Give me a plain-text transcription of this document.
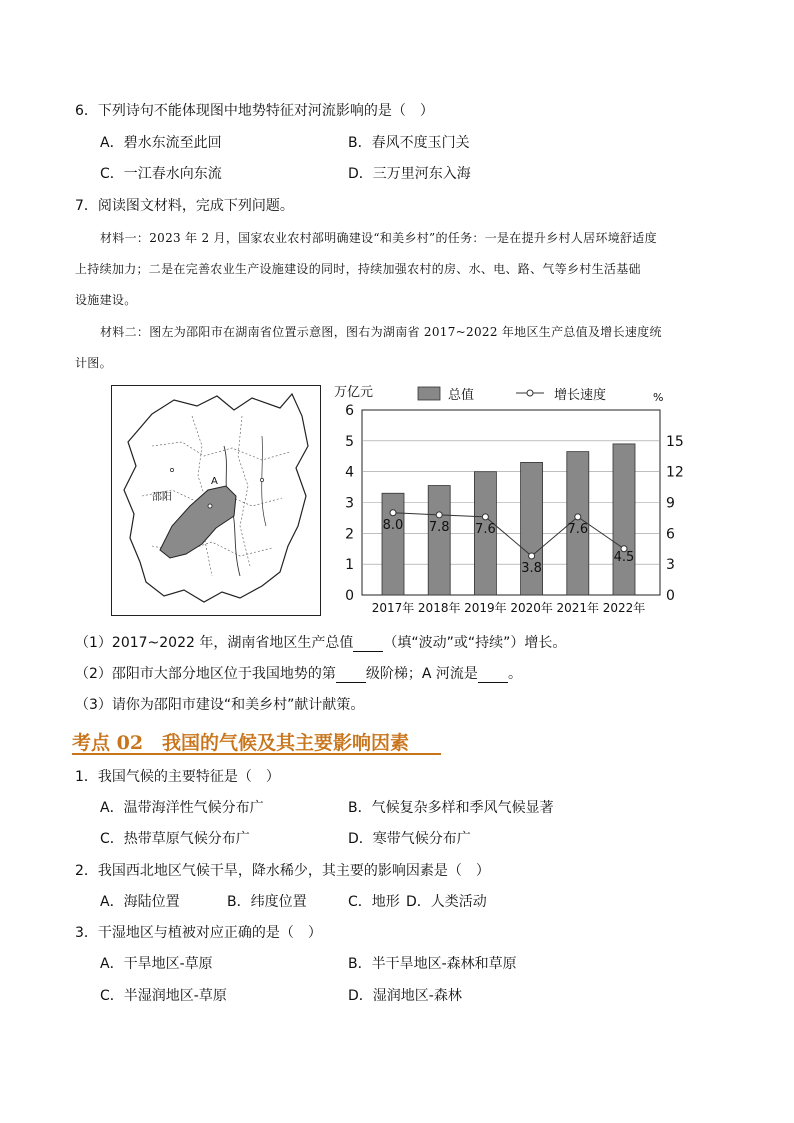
6．下列诗句不能体现图中地势特征对河流影响的是（　）
A．碧水东流至此回	B．春风不度玉门关
C．一江春水向东流	D．三万里河东入海
7．阅读图文材料，完成下列问题。
材料一：2023 年 2 月，国家农业农村部明确建设“和美乡村”的任务：一是在提升乡村人居环境舒适度
上持续加力；二是在完善农业生产设施建设的同时，持续加强农村的房、水、电、路、气等乡村生活基础
设施建设。
材料二：图左为邵阳市在湖南省位置示意图，图右为湖南省 2017~2022 年地区生产总值及增长速度统
计图。
A
邵阳
8.0 7.8 7.6
3.8
7.6
4.5
0
1
2
3
4
5
6
0
3
6
9
12
15
万亿元	%
总值	增长速度
2017年 2018年 2019年 2020年 2021年 2022年
（1）2017~2022 年，湖南省地区生产总值 （填“波动”或“持续”）增长。
（2）邵阳市大部分地区位于我国地势的第 级阶梯；A 河流是 。
（3）请你为邵阳市建设“和美乡村”献计献策。
考点 02　我国的气候及其主要影响因素
1．我国气候的主要特征是（　）
A．温带海洋性气候分布广	B．气候复杂多样和季风气候显著
C．热带草原气候分布广	D．寒带气候分布广
2．我国西北地区气候干旱，降水稀少，其主要的影响因素是（　）
A．海陆位置	B．纬度位置	C．地形 D．人类活动
3．干湿地区与植被对应正确的是（　）
A．干旱地区-草原	B．半干旱地区-森林和草原
C．半湿润地区-草原	D．湿润地区-森林
